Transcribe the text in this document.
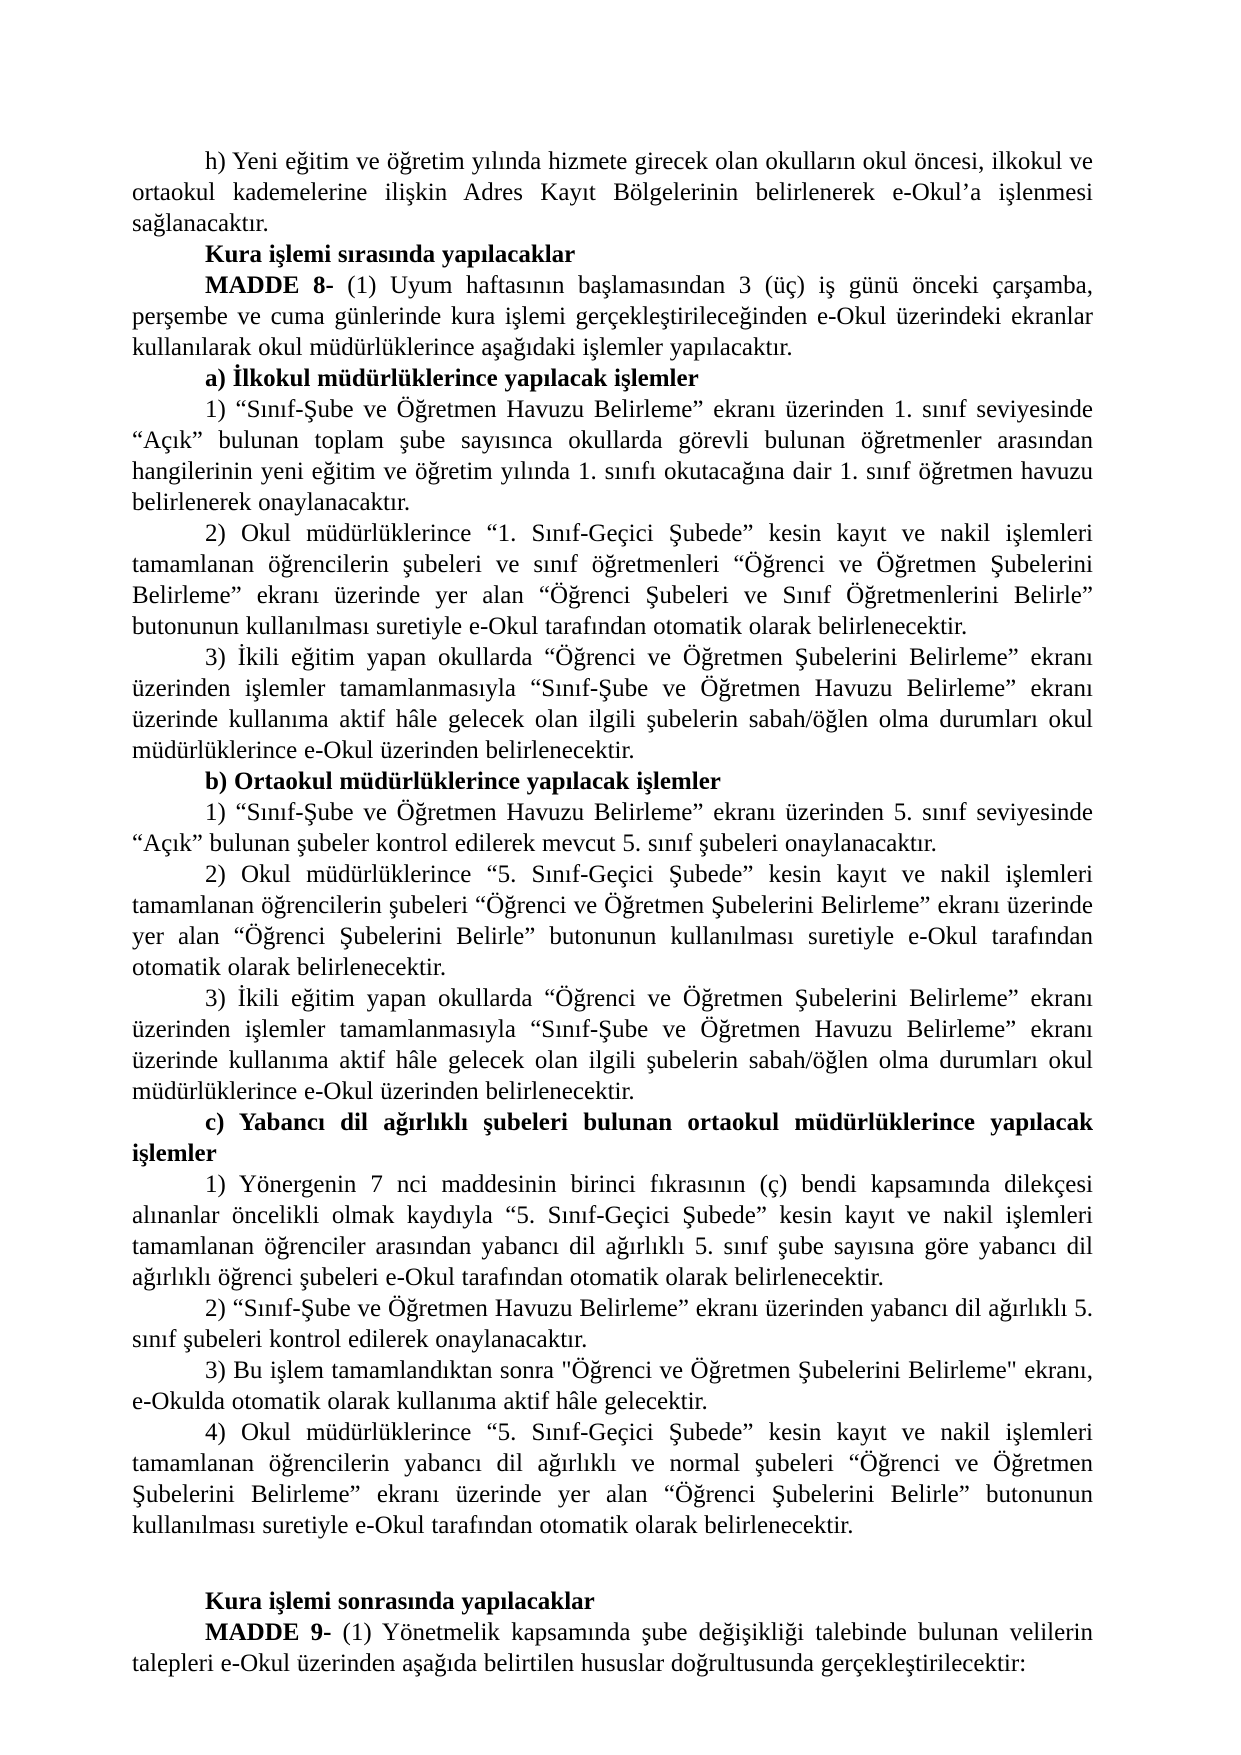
h) Yeni eğitim ve öğretim yılında hizmete girecek olan okulların okul öncesi, ilkokul ve ortaokul kademelerine ilişkin Adres Kayıt Bölgelerinin belirlenerek e-Okul’a işlenmesi sağlanacaktır.

Kura işlemi sırasında yapılacaklar

MADDE 8- (1) Uyum haftasının başlamasından 3 (üç) iş günü önceki çarşamba, perşembe ve cuma günlerinde kura işlemi gerçekleştirileceğinden e-Okul üzerindeki ekranlar kullanılarak okul müdürlüklerince aşağıdaki işlemler yapılacaktır.

a) İlkokul müdürlüklerince yapılacak işlemler

1) “Sınıf-Şube ve Öğretmen Havuzu Belirleme” ekranı üzerinden 1. sınıf seviyesinde “Açık” bulunan toplam şube sayısınca okullarda görevli bulunan öğretmenler arasından hangilerinin yeni eğitim ve öğretim yılında 1. sınıfı okutacağına dair 1. sınıf öğretmen havuzu belirlenerek onaylanacaktır.

2) Okul müdürlüklerince “1. Sınıf-Geçici Şubede” kesin kayıt ve nakil işlemleri tamamlanan öğrencilerin şubeleri ve sınıf öğretmenleri “Öğrenci ve Öğretmen Şubelerini Belirleme” ekranı üzerinde yer alan “Öğrenci Şubeleri ve Sınıf Öğretmenlerini Belirle” butonunun kullanılması suretiyle e-Okul tarafından otomatik olarak belirlenecektir.

3) İkili eğitim yapan okullarda “Öğrenci ve Öğretmen Şubelerini Belirleme” ekranı üzerinden işlemler tamamlanmasıyla “Sınıf-Şube ve Öğretmen Havuzu Belirleme” ekranı üzerinde kullanıma aktif hâle gelecek olan ilgili şubelerin sabah/öğlen olma durumları okul müdürlüklerince e-Okul üzerinden belirlenecektir.

b) Ortaokul müdürlüklerince yapılacak işlemler

1) “Sınıf-Şube ve Öğretmen Havuzu Belirleme” ekranı üzerinden 5. sınıf seviyesinde “Açık” bulunan şubeler kontrol edilerek mevcut 5. sınıf şubeleri onaylanacaktır.

2) Okul müdürlüklerince “5. Sınıf-Geçici Şubede” kesin kayıt ve nakil işlemleri tamamlanan öğrencilerin şubeleri “Öğrenci ve Öğretmen Şubelerini Belirleme” ekranı üzerinde yer alan “Öğrenci Şubelerini Belirle” butonunun kullanılması suretiyle e-Okul tarafından otomatik olarak belirlenecektir.

3) İkili eğitim yapan okullarda “Öğrenci ve Öğretmen Şubelerini Belirleme” ekranı üzerinden işlemler tamamlanmasıyla “Sınıf-Şube ve Öğretmen Havuzu Belirleme” ekranı üzerinde kullanıma aktif hâle gelecek olan ilgili şubelerin sabah/öğlen olma durumları okul müdürlüklerince e-Okul üzerinden belirlenecektir.

c) Yabancı dil ağırlıklı şubeleri bulunan ortaokul müdürlüklerince yapılacak işlemler

1) Yönergenin 7 nci maddesinin birinci fıkrasının (ç) bendi kapsamında dilekçesi alınanlar öncelikli olmak kaydıyla “5. Sınıf-Geçici Şubede” kesin kayıt ve nakil işlemleri tamamlanan öğrenciler arasından yabancı dil ağırlıklı 5. sınıf şube sayısına göre yabancı dil ağırlıklı öğrenci şubeleri e-Okul tarafından otomatik olarak belirlenecektir.

2) “Sınıf-Şube ve Öğretmen Havuzu Belirleme” ekranı üzerinden yabancı dil ağırlıklı 5. sınıf şubeleri kontrol edilerek onaylanacaktır.

3) Bu işlem tamamlandıktan sonra "Öğrenci ve Öğretmen Şubelerini Belirleme" ekranı, e-Okulda otomatik olarak kullanıma aktif hâle gelecektir.

4) Okul müdürlüklerince “5. Sınıf-Geçici Şubede” kesin kayıt ve nakil işlemleri tamamlanan öğrencilerin yabancı dil ağırlıklı ve normal şubeleri “Öğrenci ve Öğretmen Şubelerini Belirleme” ekranı üzerinde yer alan “Öğrenci Şubelerini Belirle” butonunun kullanılması suretiyle e-Okul tarafından otomatik olarak belirlenecektir.

Kura işlemi sonrasında yapılacaklar

MADDE 9- (1) Yönetmelik kapsamında şube değişikliği talebinde bulunan velilerin talepleri e-Okul üzerinden aşağıda belirtilen hususlar doğrultusunda gerçekleştirilecektir:
